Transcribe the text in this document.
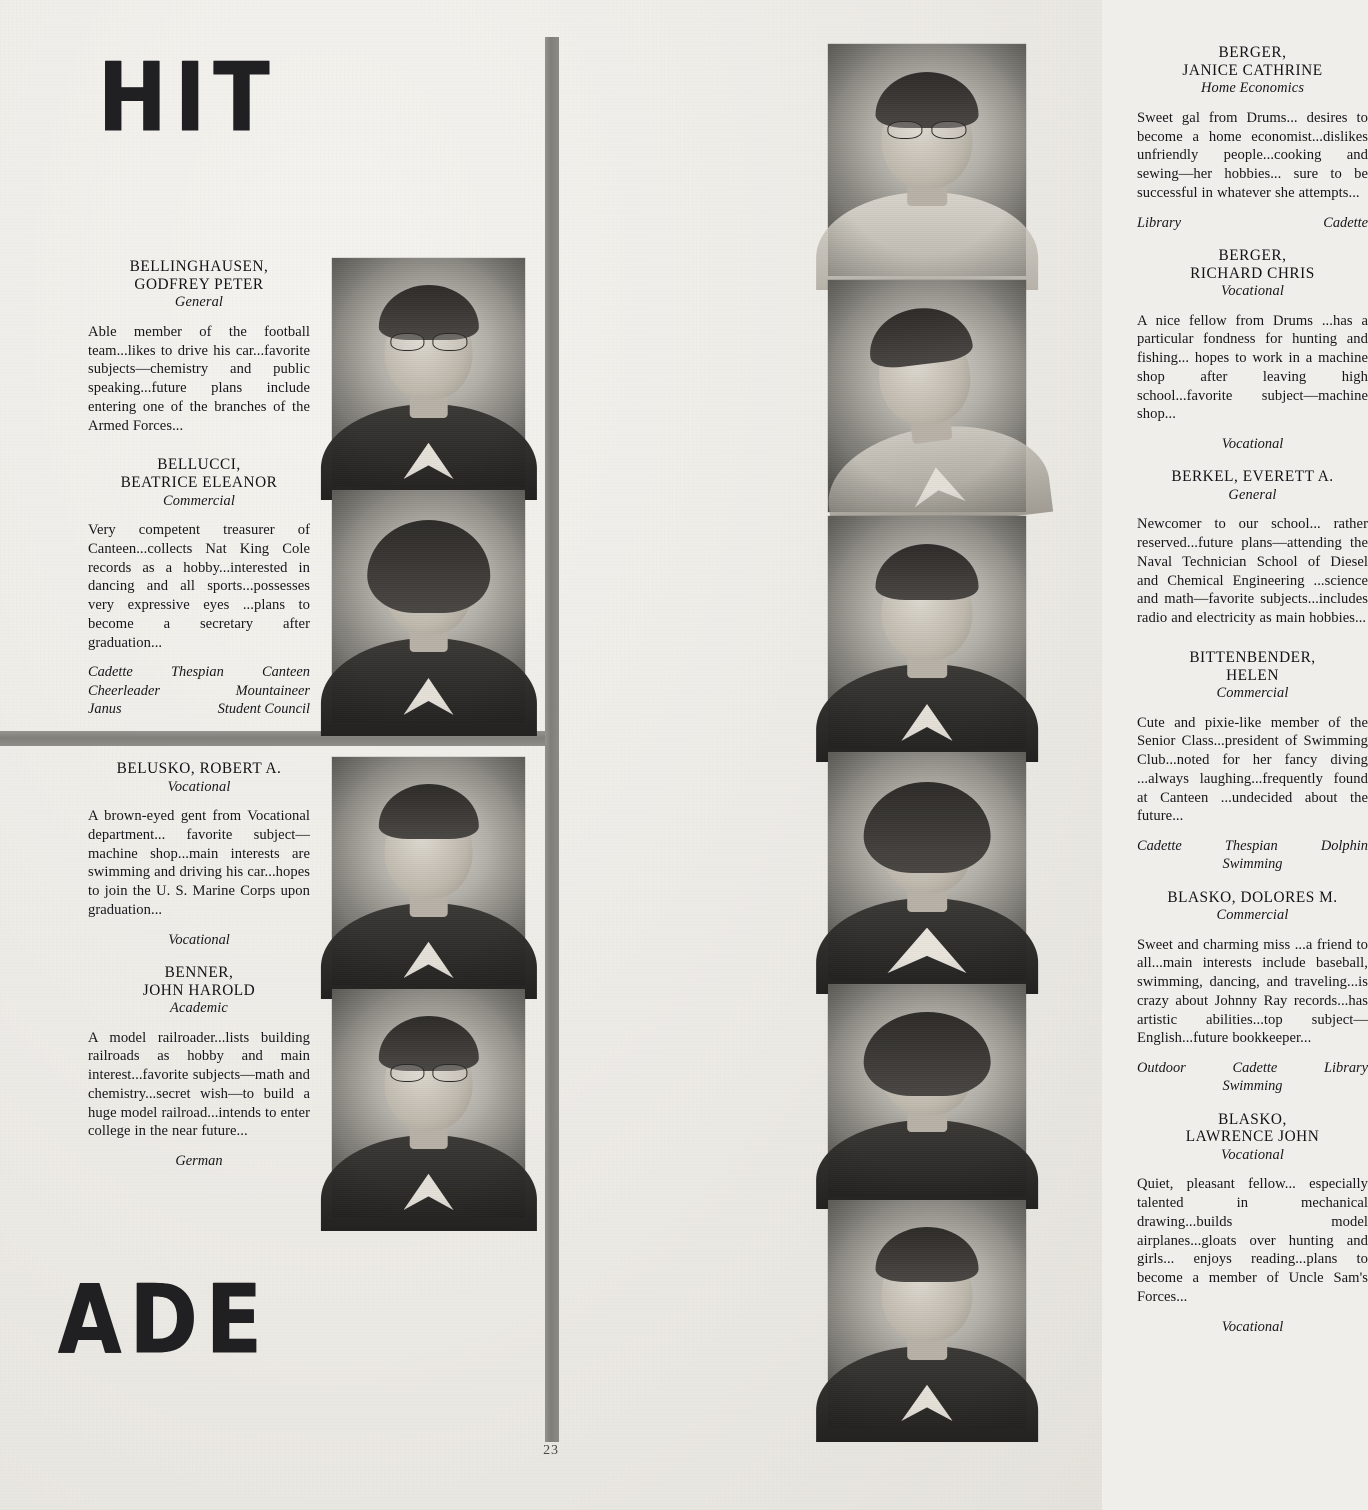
HIT
ADE
BELLINGHAUSEN,
GODFREY PETER
General
Able member of the football team...likes to drive his car...favorite subjects—chemistry and public speaking...future plans include entering one of the branches of the Armed Forces...
BELLUCCI,
BEATRICE ELEANOR
Commercial
Very competent treasurer of Canteen...collects Nat King Cole records as a hobby...interested in dancing and all sports...possesses very expressive eyes ...plans to become a secretary after graduation...
Cadette	Thespian	Canteen
Cheerleader	Mountaineer
Janus	Student Council
BELUSKO, ROBERT A.
Vocational
A brown-eyed gent from Vocational department... favorite subject—machine shop...main interests are swimming and driving his car...hopes to join the U. S. Marine Corps upon graduation...
Vocational
BENNER,
JOHN HAROLD
Academic
A model railroader...lists building railroads as hobby and main interest...favorite subjects—math and chemistry...secret wish—to build a huge model railroad...intends to enter college in the near future...
German
BERGER,
JANICE CATHRINE
Home Economics
Sweet gal from Drums... desires to become a home economist...dislikes unfriendly people...cooking and sewing—her hobbies... sure to be successful in whatever she attempts...
Library	Cadette
BERGER,
RICHARD CHRIS
Vocational
A nice fellow from Drums ...has a particular fondness for hunting and fishing... hopes to work in a machine shop after leaving high school...favorite subject—machine shop...
Vocational
BERKEL, EVERETT A.
General
Newcomer to our school... rather reserved...future plans—attending the Naval Technician School of Diesel and Chemical Engineering ...science and math—favorite subjects...includes radio and electricity as main hobbies...
BITTENBENDER,
HELEN
Commercial
Cute and pixie-like member of the Senior Class...president of Swimming Club...noted for her fancy diving ...always laughing...frequently found at Canteen ...undecided about the future...
Cadette	Thespian	Dolphin
Swimming
BLASKO, DOLORES M.
Commercial
Sweet and charming miss ...a friend to all...main interests include baseball, swimming, dancing, and traveling...is crazy about Johnny Ray records...has artistic abilities...top subject—English...future bookkeeper...
Outdoor	Cadette	Library
Swimming
BLASKO,
LAWRENCE JOHN
Vocational
Quiet, pleasant fellow... especially talented in mechanical drawing...builds model airplanes...gloats over hunting and girls... enjoys reading...plans to become a member of Uncle Sam's Forces...
Vocational
23
